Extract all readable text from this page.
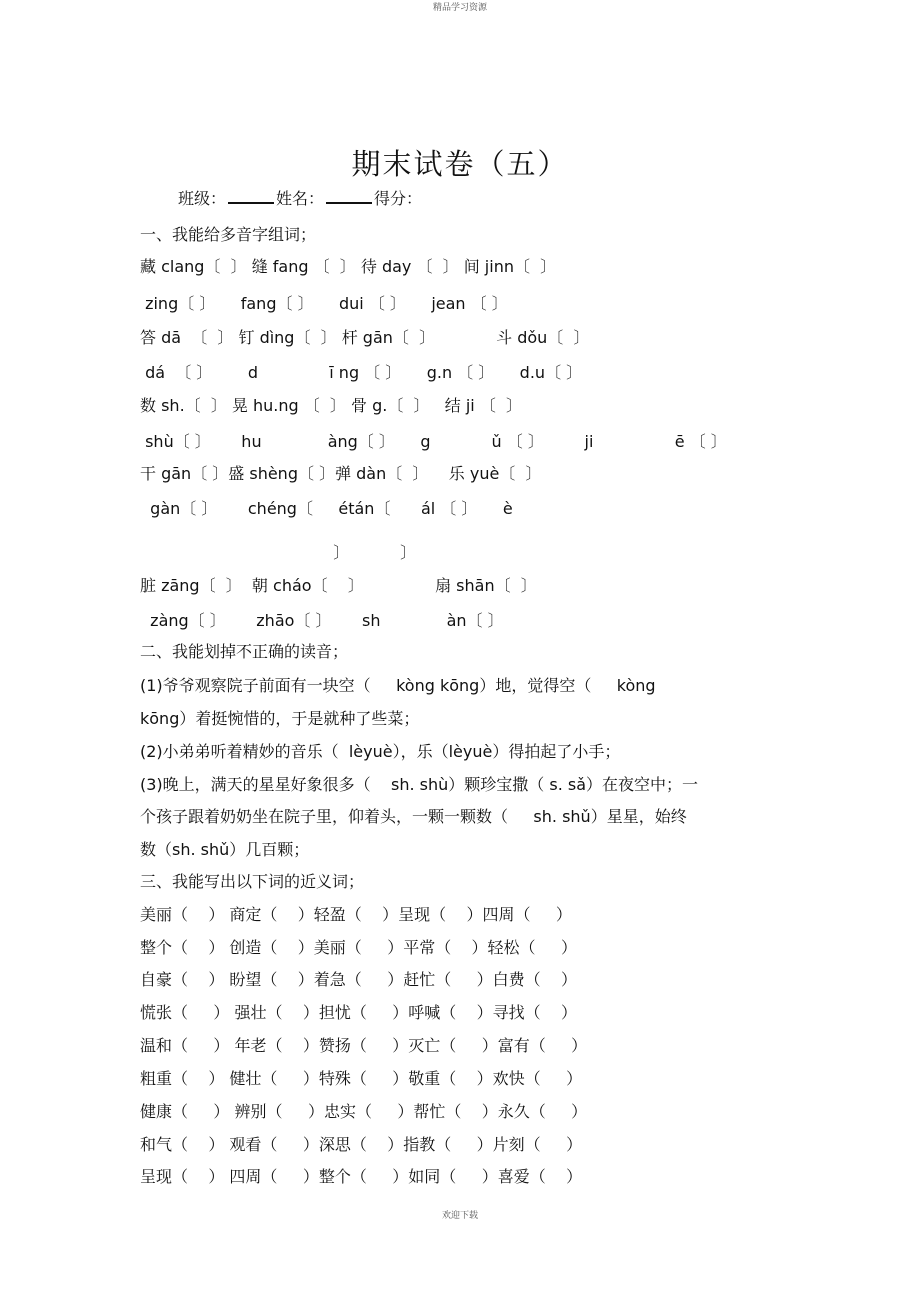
精品学习资源
期末试卷（五）
班级：	姓名：	得分：
一、我能给多音字组词；
藏 clang〔  〕 缝 fang 〔  〕 待 day 〔  〕 间 jinn〔  〕
zing〔 〕     fang〔 〕     dui 〔 〕     jean 〔 〕
答 dā  〔  〕 钉 dìng〔  〕 杆 gān〔  〕            斗 dǒu〔  〕
dá  〔 〕       d              ī ng 〔 〕     g.n 〔 〕     d.u〔 〕
数 sh.〔  〕 晃 hu.ng 〔  〕 骨 g.〔  〕   结 ji 〔  〕
shù〔 〕      hu             àng〔 〕     g            ǔ 〔 〕        ji                ē 〔 〕
干 gān〔 〕盛 shèng〔 〕弹 dàn〔  〕    乐 yuè〔  〕
gàn〔 〕      chéng〔     étán〔      ál 〔 〕     è
〕          〕
脏 zāng〔  〕  朝 cháo〔    〕              扇 shān〔  〕
zàng〔 〕      zhāo〔 〕      sh             àn〔 〕
二、我能划掉不正确的读音；
(1)爷爷观察院子前面有一块空（     kòng kōng）地，觉得空（     kòng
kōng）着挺惋惜的，于是就种了些菜；
(2)小弟弟听着精妙的音乐（  lèyuè），乐（lèyuè）得拍起了小手；
(3)晚上，满天的星星好象很多（    sh. shù）颗珍宝撒（ s. sǎ）在夜空中；一
个孩子跟着奶奶坐在院子里，仰着头，一颗一颗数（     sh. shǔ）星星，始终
数（sh. shǔ）几百颗；
三、我能写出以下词的近义词；
美丽（    ） 商定（    ）轻盈（    ）呈现（    ）四周（     ）
整个（    ） 创造（    ）美丽（     ）平常（    ）轻松（     ）
自豪（    ） 盼望（    ）着急（     ）赶忙（     ）白费（    ）
慌张（     ） 强壮（    ）担忧（     ）呼喊（    ）寻找（    ）
温和（     ） 年老（    ）赞扬（     ）灭亡（     ）富有（     ）
粗重（    ） 健壮（     ）特殊（     ）敬重（    ）欢快（     ）
健康（     ） 辨别（     ）忠实（     ）帮忙（    ）永久（     ）
和气（    ） 观看（     ）深思（    ）指教（     ）片刻（     ）
呈现（    ） 四周（     ）整个（     ）如同（     ）喜爱（    ）
欢迎下载
